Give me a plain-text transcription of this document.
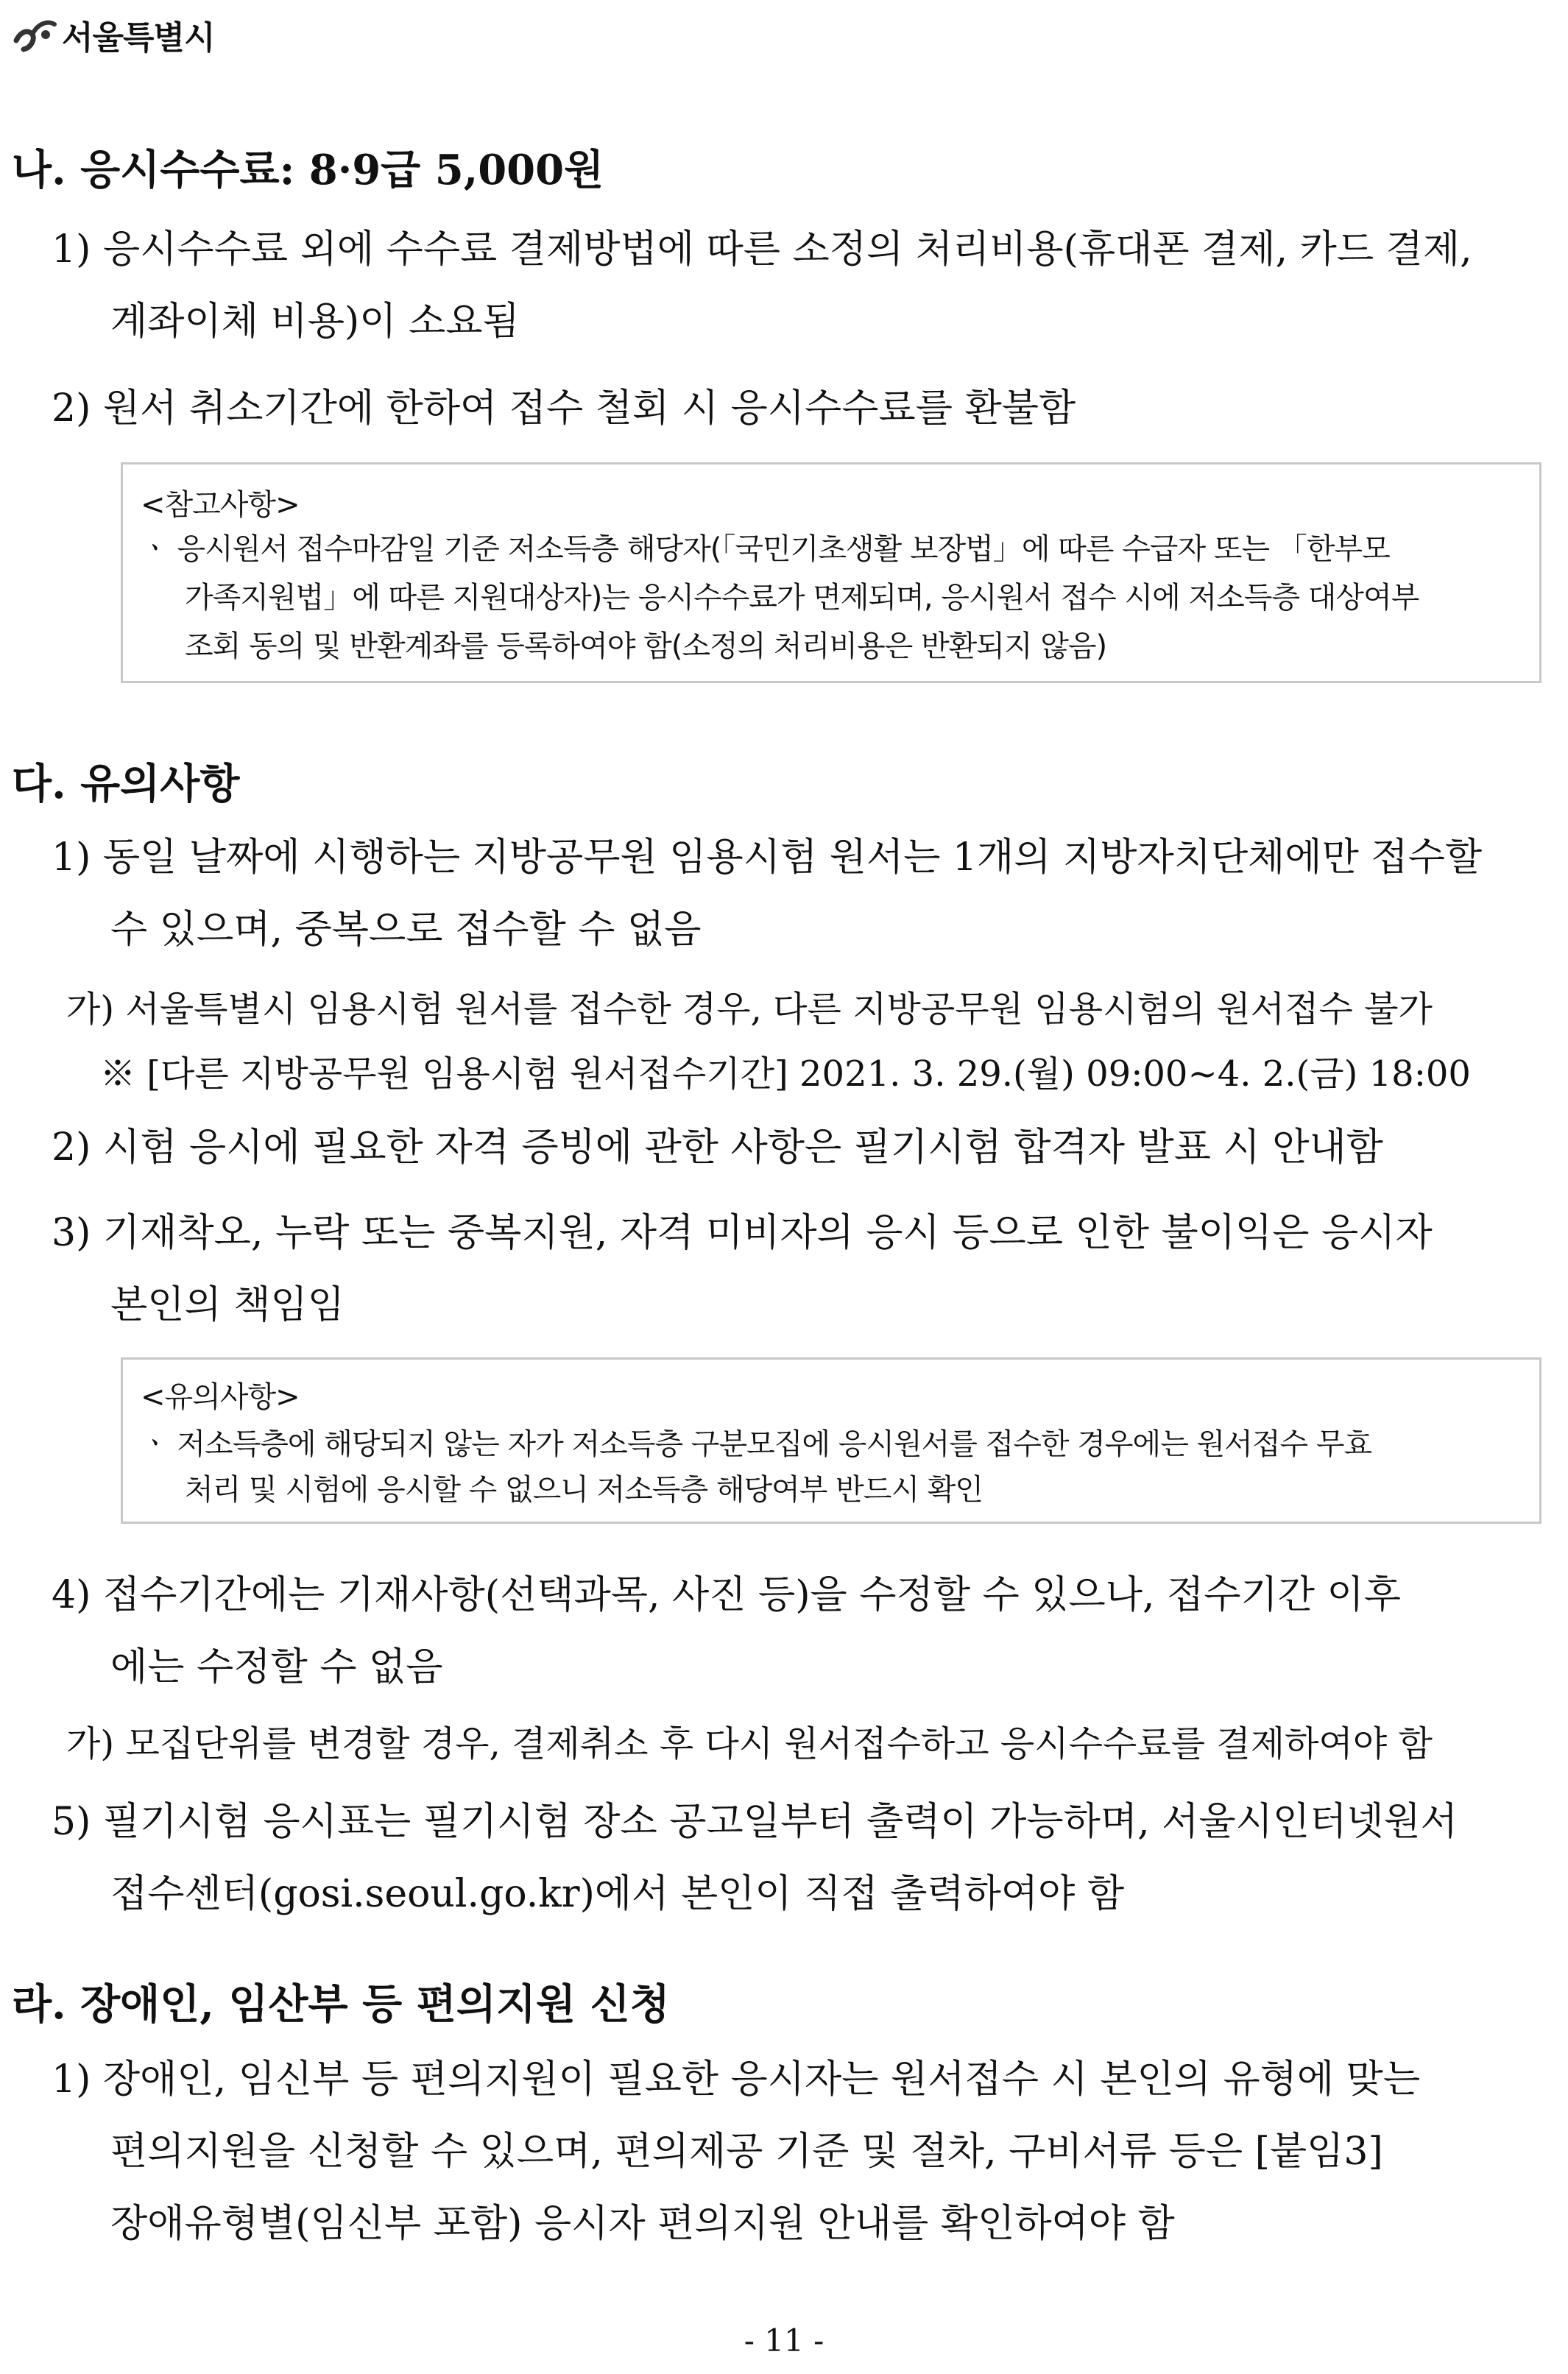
서울특별시
나. 응시수수료: 8·9급 5,000원
1) 응시수수료 외에 수수료 결제방법에 따른 소정의 처리비용(휴대폰 결제, 카드 결제,
계좌이체 비용)이 소요됨
2) 원서 취소기간에 한하여 접수 철회 시 응시수수료를 환불함
<참고사항>
ㆍ 응시원서 접수마감일 기준 저소득층 해당자(「국민기초생활 보장법」에 따른 수급자 또는 「한부모
가족지원법」에 따른 지원대상자)는 응시수수료가 면제되며, 응시원서 접수 시에 저소득층 대상여부
조회 동의 및 반환계좌를 등록하여야 함(소정의 처리비용은 반환되지 않음)
다. 유의사항
1) 동일 날짜에 시행하는 지방공무원 임용시험 원서는 1개의 지방자치단체에만 접수할
수 있으며, 중복으로 접수할 수 없음
가) 서울특별시 임용시험 원서를 접수한 경우, 다른 지방공무원 임용시험의 원서접수 불가
※ [다른 지방공무원 임용시험 원서접수기간] 2021. 3. 29.(월) 09:00∼4. 2.(금) 18:00
2) 시험 응시에 필요한 자격 증빙에 관한 사항은 필기시험 합격자 발표 시 안내함
3) 기재착오, 누락 또는 중복지원, 자격 미비자의 응시 등으로 인한 불이익은 응시자
본인의 책임임
<유의사항>
ㆍ 저소득층에 해당되지 않는 자가 저소득층 구분모집에 응시원서를 접수한 경우에는 원서접수 무효
처리 및 시험에 응시할 수 없으니 저소득층 해당여부 반드시 확인
4) 접수기간에는 기재사항(선택과목, 사진 등)을 수정할 수 있으나, 접수기간 이후
에는 수정할 수 없음
가) 모집단위를 변경할 경우, 결제취소 후 다시 원서접수하고 응시수수료를 결제하여야 함
5) 필기시험 응시표는 필기시험 장소 공고일부터 출력이 가능하며, 서울시인터넷원서
접수센터(gosi.seoul.go.kr)에서 본인이 직접 출력하여야 함
라. 장애인, 임산부 등 편의지원 신청
1) 장애인, 임신부 등 편의지원이 필요한 응시자는 원서접수 시 본인의 유형에 맞는
편의지원을 신청할 수 있으며, 편의제공 기준 및 절차, 구비서류 등은 [붙임3]
장애유형별(임신부 포함) 응시자 편의지원 안내를 확인하여야 함
- 11 -
